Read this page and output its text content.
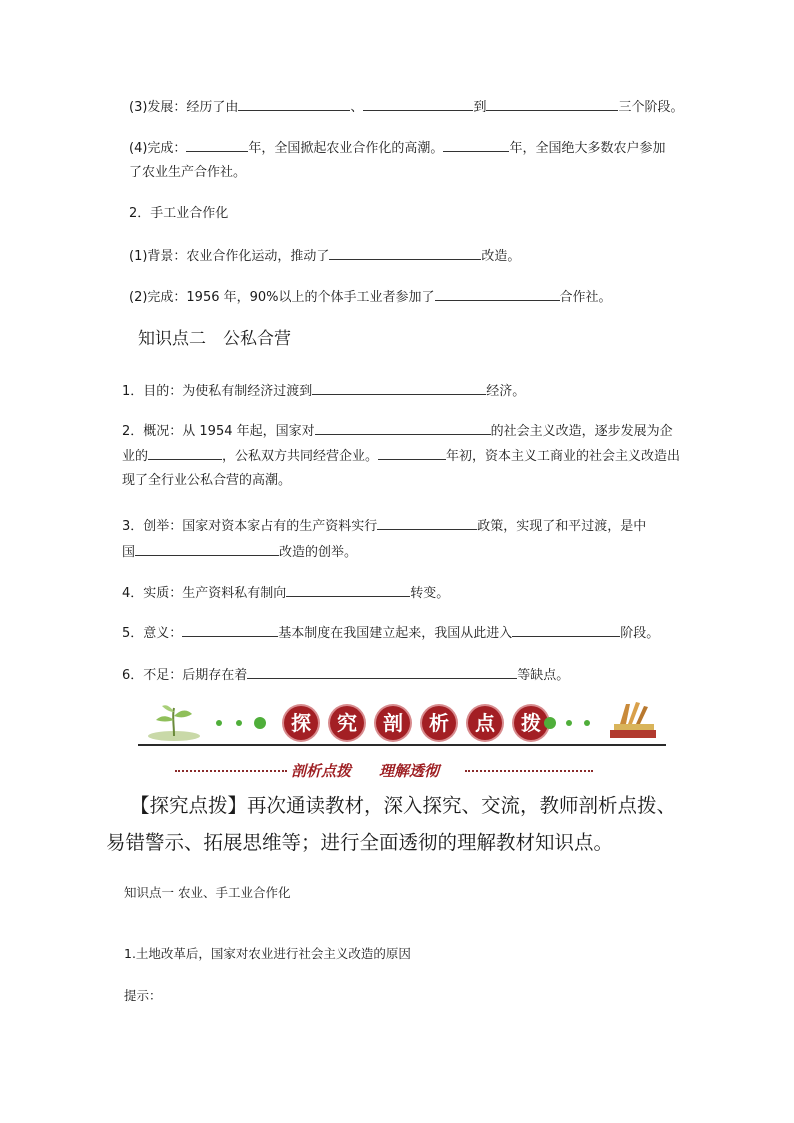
(3)发展：经历了由	、	到	三个阶段。
(4)完成：	年，全国掀起农业合作化的高潮。	年，全国绝大多数农户参加
了农业生产合作社。
2．手工业合作化
(1)背景：农业合作化运动，推动了	改造。
(2)完成：1956 年，90%以上的个体手工业者参加了	合作社。
知识点二　公私合营
1．目的：为使私有制经济过渡到	经济。
2．概况：从 1954 年起，国家对	的社会主义改造，逐步发展为企
业的	，公私双方共同经营企业。	年初，资本主义工商业的社会主义改造出
现了全行业公私合营的高潮。
3．创举：国家对资本家占有的生产资料实行	政策，实现了和平过渡，是中
国	改造的创举。
4．实质：生产资料私有制向	转变。
5．意义：	基本制度在我国建立起来，我国从此进入	阶段。
6．不足：后期存在着	等缺点。
探	究	剖	析	点	拨
剖析点拨 理解透彻
【探究点拨】再次通读教材，深入探究、交流，教师剖析点拨、
易错警示、拓展思维等；进行全面透彻的理解教材知识点。
知识点一 农业、手工业合作化
1.土地改革后，国家对农业进行社会主义改造的原因
提示：
